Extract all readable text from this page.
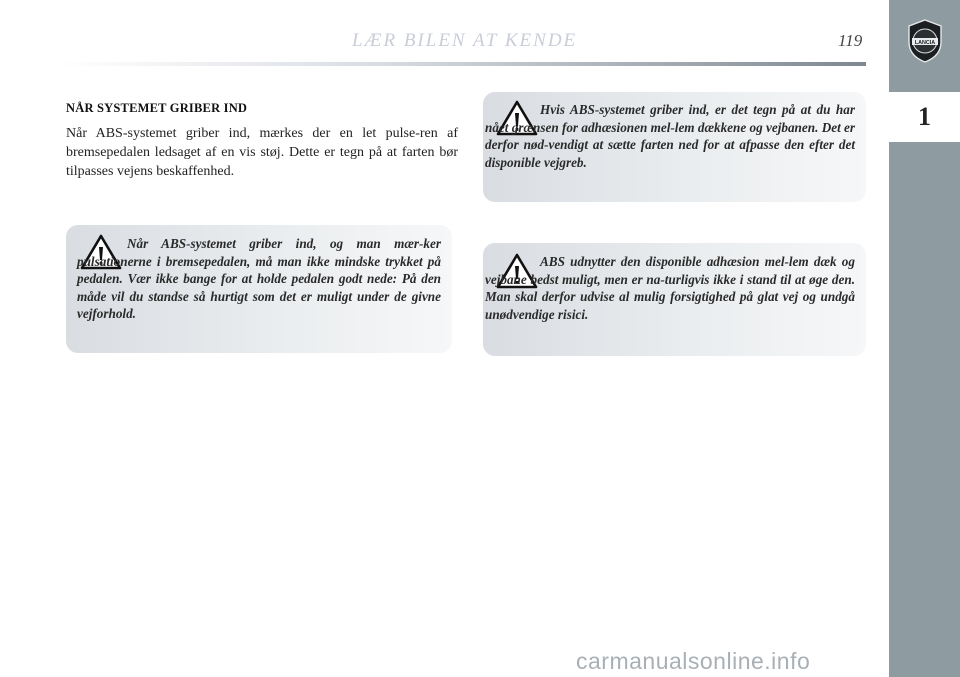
LÆR BILEN AT KENDE	119	LANCIA
1
NÅR SYSTEMET GRIBER IND

Når ABS-systemet griber ind, mærkes der en let pulse-ren af bremsepedalen ledsaget af en vis støj. Dette er tegn på at farten bør tilpasses vejens beskaffenhed.

Når ABS-systemet griber ind, og man mær-ker pulsationerne i bremsepedalen, må man ikke mindske trykket på pedalen. Vær ikke bange for at holde pedalen godt nede: På den måde vil du standse så hurtigt som det er muligt under de givne vejforhold.

Hvis ABS-systemet griber ind, er det tegn på at du har nået grænsen for adhæsionen mel-lem dækkene og vejbanen. Det er derfor nød-vendigt at sætte farten ned for at afpasse den efter det disponible vejgreb.

ABS udnytter den disponible adhæsion mel-lem dæk og vejbane bedst muligt, men er na-turligvis ikke i stand til at øge den. Man skal derfor udvise al mulig forsigtighed på glat vej og undgå unødvendige risici.

carmanualsonline.info
